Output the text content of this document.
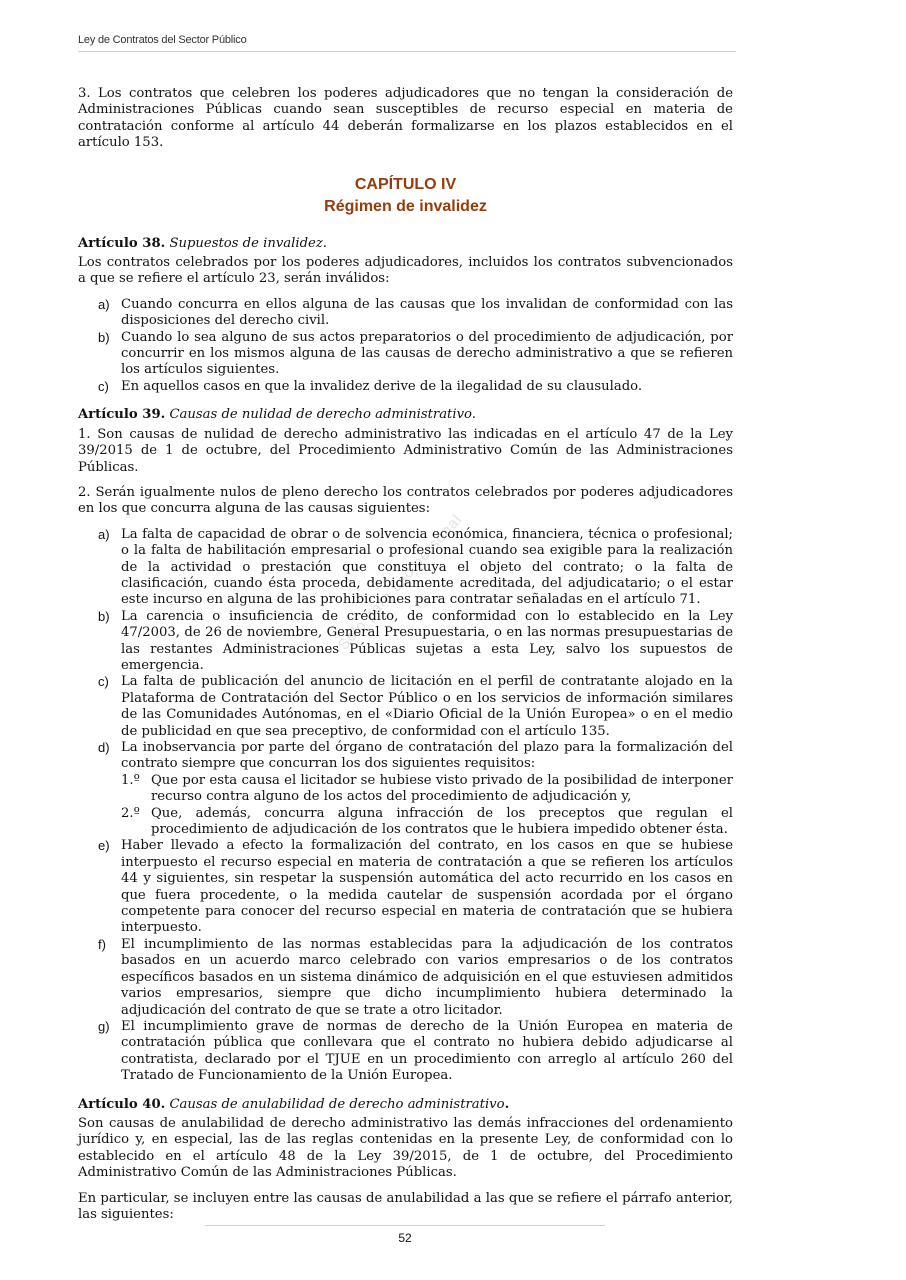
Ley de Contratos del Sector Público
Sólo para uso personal

3. Los contratos que celebren los poderes adjudicadores que no tengan la consideración de Administraciones Públicas cuando sean susceptibles de recurso especial en materia de contratación conforme al artículo 44 deberán formalizarse en los plazos establecidos en el artículo 153.

CAPÍTULO IV
Régimen de invalidez
Artículo 38. Supuestos de invalidez.

Los contratos celebrados por los poderes adjudicadores, incluidos los contratos subvencionados a que se refiere el artículo 23, serán inválidos:

a) Cuando concurra en ellos alguna de las causas que los invalidan de conformidad con las disposiciones del derecho civil.
b) Cuando lo sea alguno de sus actos preparatorios o del procedimiento de adjudicación, por concurrir en los mismos alguna de las causas de derecho administrativo a que se refieren los artículos siguientes.
c) En aquellos casos en que la invalidez derive de la ilegalidad de su clausulado.
Artículo 39. Causas de nulidad de derecho administrativo.

1. Son causas de nulidad de derecho administrativo las indicadas en el artículo 47 de la Ley 39/2015 de 1 de octubre, del Procedimiento Administrativo Común de las Administraciones Públicas.

2. Serán igualmente nulos de pleno derecho los contratos celebrados por poderes adjudicadores en los que concurra alguna de las causas siguientes:

a) La falta de capacidad de obrar o de solvencia económica, financiera, técnica o profesional; o la falta de habilitación empresarial o profesional cuando sea exigible para la realización de la actividad o prestación que constituya el objeto del contrato; o la falta de clasificación, cuando ésta proceda, debidamente acreditada, del adjudicatario; o el estar este incurso en alguna de las prohibiciones para contratar señaladas en el artículo 71.
b) La carencia o insuficiencia de crédito, de conformidad con lo establecido en la Ley 47/2003, de 26 de noviembre, General Presupuestaria, o en las normas presupuestarias de las restantes Administraciones Públicas sujetas a esta Ley, salvo los supuestos de emergencia.
c) La falta de publicación del anuncio de licitación en el perfil de contratante alojado en la Plataforma de Contratación del Sector Público o en los servicios de información similares de las Comunidades Autónomas, en el «Diario Oficial de la Unión Europea» o en el medio de publicidad en que sea preceptivo, de conformidad con el artículo 135.
d) La inobservancia por parte del órgano de contratación del plazo para la formalización del contrato siempre que concurran los dos siguientes requisitos:
1.º Que por esta causa el licitador se hubiese visto privado de la posibilidad de interponer recurso contra alguno de los actos del procedimiento de adjudicación y,
2.º Que, además, concurra alguna infracción de los preceptos que regulan el procedimiento de adjudicación de los contratos que le hubiera impedido obtener ésta.
e) Haber llevado a efecto la formalización del contrato, en los casos en que se hubiese interpuesto el recurso especial en materia de contratación a que se refieren los artículos 44 y siguientes, sin respetar la suspensión automática del acto recurrido en los casos en que fuera procedente, o la medida cautelar de suspensión acordada por el órgano competente para conocer del recurso especial en materia de contratación que se hubiera interpuesto.
f) El incumplimiento de las normas establecidas para la adjudicación de los contratos basados en un acuerdo marco celebrado con varios empresarios o de los contratos específicos basados en un sistema dinámico de adquisición en el que estuviesen admitidos varios empresarios, siempre que dicho incumplimiento hubiera determinado la adjudicación del contrato de que se trate a otro licitador.
g) El incumplimiento grave de normas de derecho de la Unión Europea en materia de contratación pública que conllevara que el contrato no hubiera debido adjudicarse al contratista, declarado por el TJUE en un procedimiento con arreglo al artículo 260 del Tratado de Funcionamiento de la Unión Europea.
Artículo 40. Causas de anulabilidad de derecho administrativo.

Son causas de anulabilidad de derecho administrativo las demás infracciones del ordenamiento jurídico y, en especial, las de las reglas contenidas en la presente Ley, de conformidad con lo establecido en el artículo 48 de la Ley 39/2015, de 1 de octubre, del Procedimiento Administrativo Común de las Administraciones Públicas.

En particular, se incluyen entre las causas de anulabilidad a las que se refiere el párrafo anterior, las siguientes:

52
